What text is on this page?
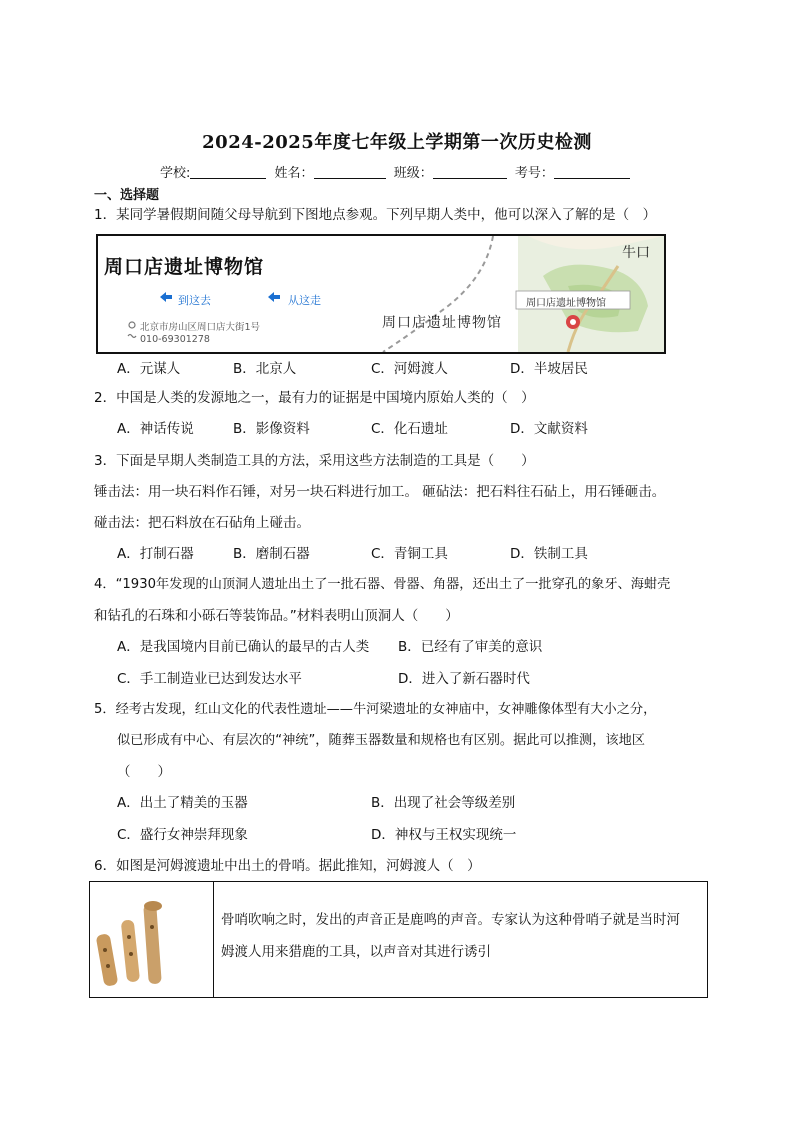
2024-2025年度七年级上学期第一次历史检测
学校:	姓名：	班级：	考号：
一、选择题
1．某同学暑假期间随父母导航到下图地点参观。下列早期人类中，他可以深入了解的是（　）
周口店遗址博物馆
到这去	从这走
北京市房山区周口店大街1号
010-69301278
周口店遗址博物馆
周口店遗址博物馆
牛口
A．元谋人	B．北京人	C．河姆渡人	D．半坡居民
2．中国是人类的发源地之一，最有力的证据是中国境内原始人类的（　）
A．神话传说	B．影像资料	C．化石遗址	D．文献资料
3．下面是早期人类制造工具的方法，采用这些方法制造的工具是（　　）
锤击法：用一块石料作石锤，对另一块石料进行加工。 砸砧法：把石料往石砧上，用石锤砸击。
碰击法：把石料放在石砧角上碰击。
A．打制石器	B．磨制石器	C．青铜工具	D．铁制工具
4．“1930年发现的山顶洞人遗址出土了一批石器、骨器、角器，还出土了一批穿孔的象牙、海蚶壳
和钻孔的石珠和小砾石等装饰品。”材料表明山顶洞人（　　）
A．是我国境内目前已确认的最早的古人类 B．已经有了审美的意识
C．手工制造业已达到发达水平	D．进入了新石器时代
5．经考古发现，红山文化的代表性遗址——牛河梁遗址的女神庙中，女神雕像体型有大小之分，
似已形成有中心、有层次的“神统”，随葬玉器数量和规格也有区别。据此可以推测，该地区
（　　）
A．出土了精美的玉器	B．出现了社会等级差别
C．盛行女神崇拜现象	D．神权与王权实现统一
6．如图是河姆渡遗址中出土的骨哨。据此推知，河姆渡人（　）
骨哨吹响之时，发出的声音正是鹿鸣的声音。专家认为这种骨哨子就是当时河
姆渡人用来猎鹿的工具，以声音对其进行诱引
